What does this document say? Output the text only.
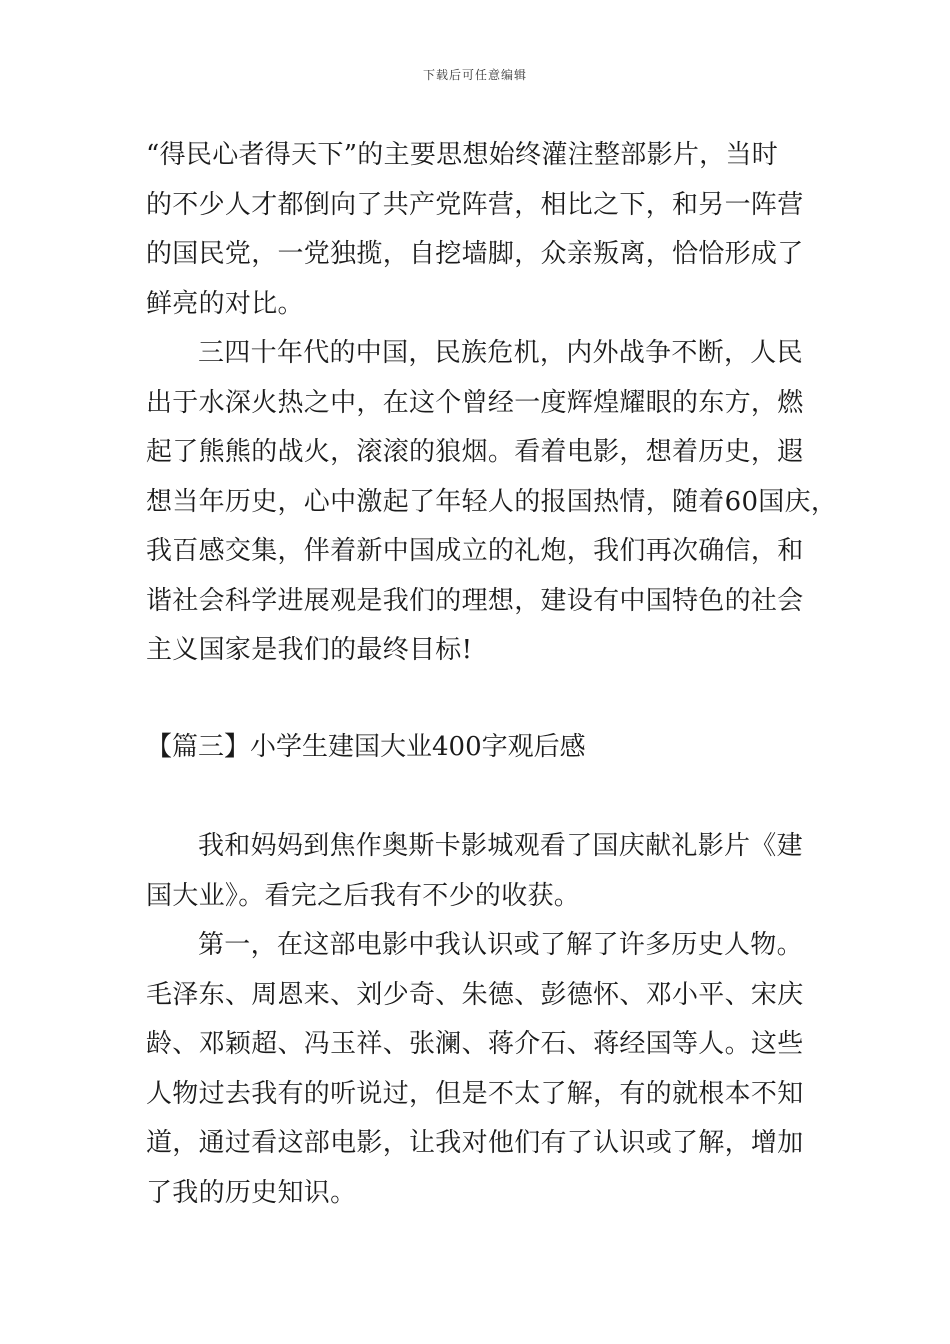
下载后可任意编辑
“得民心者得天下”的主要思想始终灌注整部影片，当时
的不少人才都倒向了共产党阵营，相比之下，和另一阵营
的国民党，一党独揽，自挖墙脚，众亲叛离，恰恰形成了
鲜亮的对比。
三四十年代的中国，民族危机，内外战争不断，人民
出于水深火热之中，在这个曾经一度辉煌耀眼的东方，燃
起了熊熊的战火，滚滚的狼烟。看着电影，想着历史，遐
想当年历史，心中激起了年轻人的报国热情，随着60国庆，
我百感交集，伴着新中国成立的礼炮，我们再次确信，和
谐社会科学进展观是我们的理想，建设有中国特色的社会
主义国家是我们的最终目标!
【篇三】小学生建国大业400字观后感
我和妈妈到焦作奥斯卡影城观看了国庆献礼影片《建
国大业》。看完之后我有不少的收获。
第一，在这部电影中我认识或了解了许多历史人物。
毛泽东、周恩来、刘少奇、朱德、彭德怀、邓小平、宋庆
龄、邓颖超、冯玉祥、张澜、蒋介石、蒋经国等人。这些
人物过去我有的听说过，但是不太了解，有的就根本不知
道，通过看这部电影，让我对他们有了认识或了解，增加
了我的历史知识。
